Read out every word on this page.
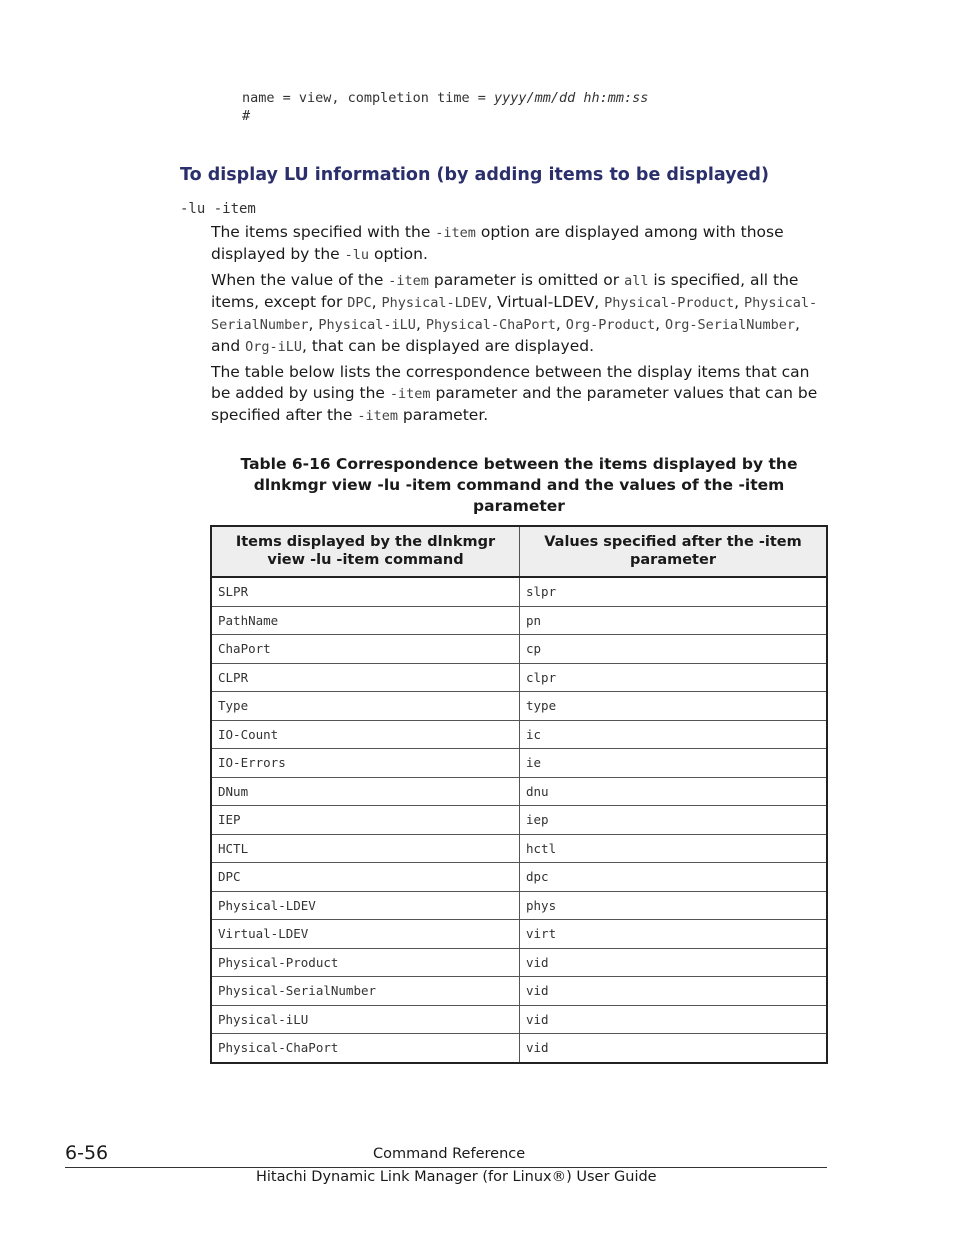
name = view, completion time = yyyy/mm/dd hh:mm:ss
#
To display LU information (by adding items to be displayed)
-lu -item

The items specified with the -item option are displayed among with those displayed by the -lu option.

When the value of the -item parameter is omitted or all is specified, all the items, except for DPC, Physical-LDEV, Virtual-LDEV, Physical-Product, Physical-SerialNumber, Physical-iLU, Physical-ChaPort, Org-Product, Org-SerialNumber, and Org-iLU, that can be displayed are displayed.

The table below lists the correspondence between the display items that can be added by using the -item parameter and the parameter values that can be specified after the -item parameter.

Table 6-16 Correspondence between the items displayed by the dlnkmgr view -lu -item command and the values of the -item parameter
Items displayed by the dlnkmgr view -lu -item command	Values specified after the -item parameter
SLPR	slpr
PathName	pn
ChaPort	cp
CLPR	clpr
Type	type
IO-Count	ic
IO-Errors	ie
DNum	dnu
IEP	iep
HCTL	hctl
DPC	dpc
Physical-LDEV	phys
Virtual-LDEV	virt
Physical-Product	vid
Physical-SerialNumber	vid
Physical-iLU	vid
Physical-ChaPort	vid
6-56	Command Reference
Hitachi Dynamic Link Manager (for Linux®) User Guide
